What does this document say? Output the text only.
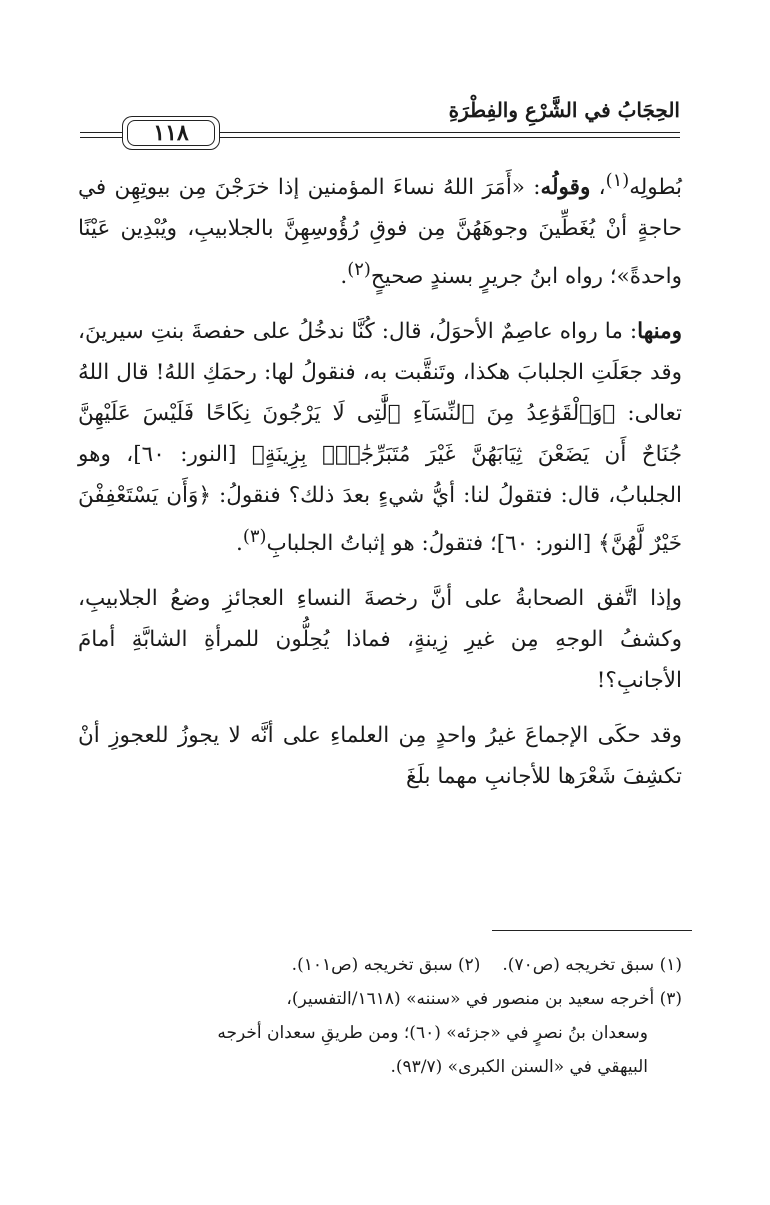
الحِجَابُ في الشَّرْعِ والفِطْرَةِ
١١٨

بُطولِه$^{(١)}$، وقولُه: «أَمَرَ اللهُ نساءَ المؤمنين إذا خرَجْنَ مِن بيوتِهِن في حاجةٍ أنْ يُغَطِّينَ وجوهَهُنَّ مِن فوقِ رُؤُوسِهِنَّ بالجلابيبِ، ويُبْدِين عَيْنًا واحدةً»؛ رواه ابنُ جريرٍ بسندٍ صحيحٍ$^{(٢)}$.

ومنها: ما رواه عاصِمٌ الأحوَلُ، قال: كُنَّا ندخُلُ على حفصةَ بنتِ سيرينَ، وقد جعَلَتِ الجلبابَ هكذا، وتَنقَّبت به، فنقولُ لها: رحمَكِ اللهُ! قال اللهُ تعالى: ﴿وَٱلْقَوَٰعِدُ مِنَ ٱلنِّسَآءِ ٱلَّٰتِى لَا يَرْجُونَ نِكَاحًا فَلَيْسَ عَلَيْهِنَّ جُنَاحٌ أَن يَضَعْنَ ثِيَابَهُنَّ غَيْرَ مُتَبَرِّجَٰتٍۭ بِزِينَةٍ﴾ [النور: ٦٠]، وهو الجلبابُ، قال: فتقولُ لنا: أيُّ شيءٍ بعدَ ذلك؟ فنقولُ: ﴿وَأَن يَسْتَعْفِفْنَ خَيْرٌ لَّهُنَّ﴾ [النور: ٦٠]؛ فتقولُ: هو إثباتُ الجلبابِ$^{(٣)}$.

وإذا اتَّفق الصحابةُ على أنَّ رخصةَ النساءِ العجائزِ وضعُ الجلابيبِ، وكشفُ الوجهِ مِن غيرِ زِينةٍ، فماذا يُحِلُّون للمرأةِ الشابَّةِ أمامَ الأجانبِ؟!

وقد حكَى الإجماعَ غيرُ واحدٍ مِن العلماءِ على أنَّه لا يجوزُ للعجوزِ أنْ تكشِفَ شَعْرَها للأجانبِ مهما بلَغَ

(١) سبق تخريجه (ص٧٠).
(٢) سبق تخريجه (ص١٠١).
(٣) أخرجه سعيد بن منصور في «سننه» (١٦١٨/التفسير)،
وسعدان بنُ نصرٍ في «جزئه» (٦٠)؛ ومن طريقِ سعدان أخرجه
البيهقي في «السنن الكبرى» (٩٣/٧).
